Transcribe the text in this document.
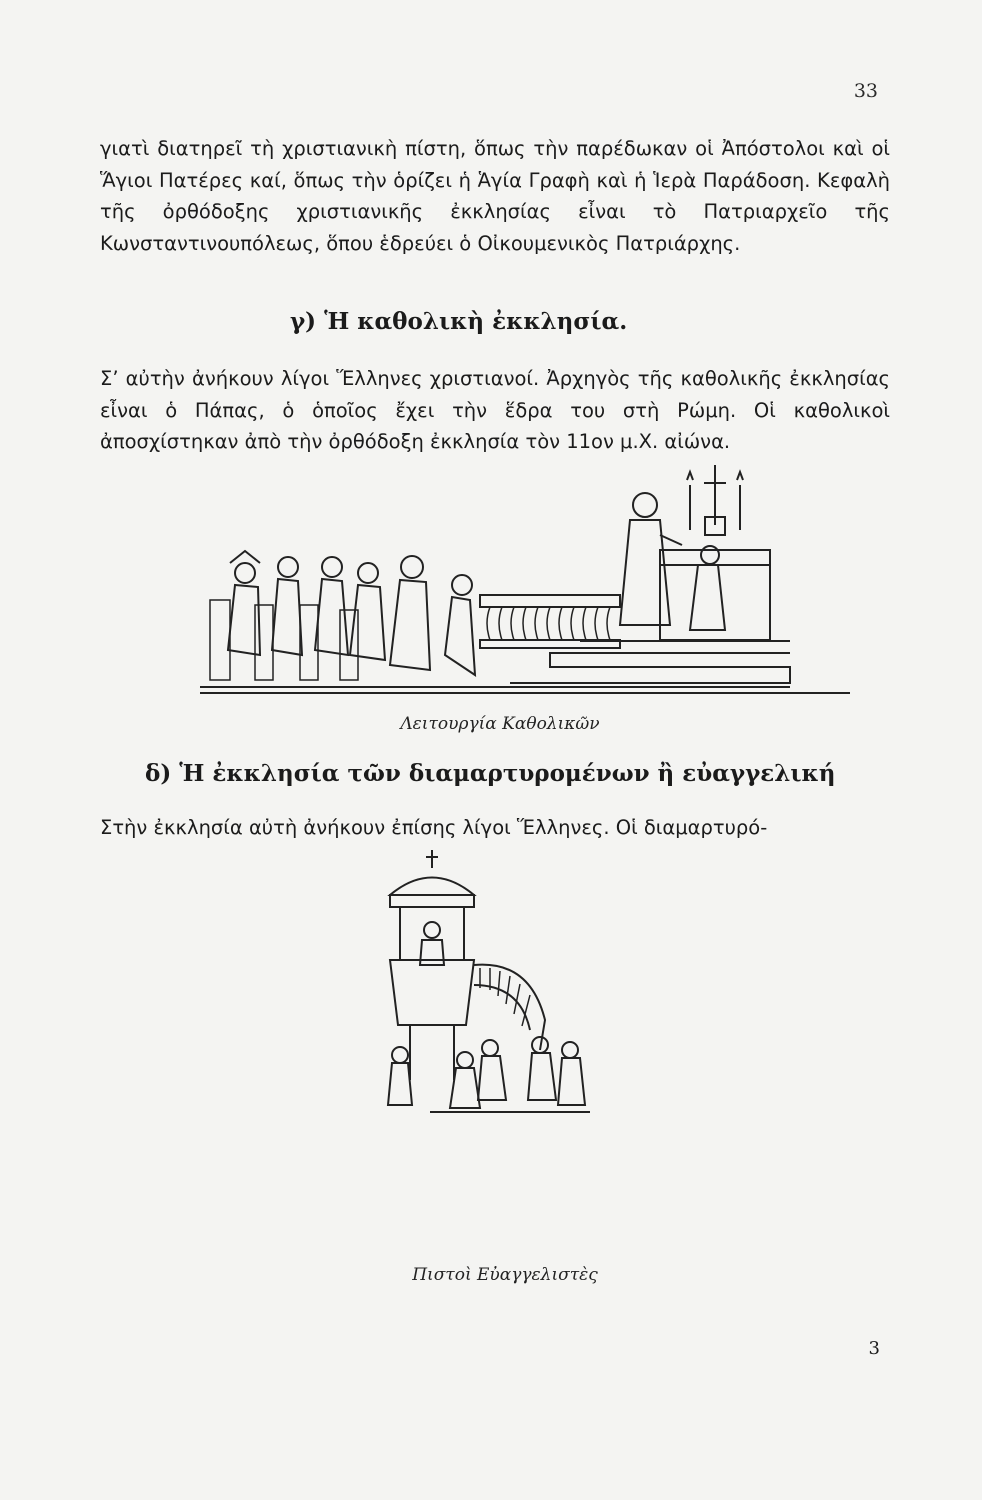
33

γιατὶ διατηρεῖ τὴ χριστιανικὴ πίστη, ὅπως τὴν παρέδωκαν οἱ Ἀπόστολοι καὶ οἱ Ἅγιοι Πατέρες καί, ὅπως τὴν ὁρίζει ἡ Ἁγία Γραφὴ καὶ ἡ Ἱερὰ Παράδοση. Κεφαλὴ τῆς ὀρθόδοξης χριστιανικῆς ἐκκλησίας εἶναι τὸ Πατριαρχεῖο τῆς Κωνσταντινουπόλεως, ὅπου ἑδρεύει ὁ Οἰκουμενικὸς Πατριάρχης.

γ) Ἡ καθολικὴ ἐκκλησία.

Σ’ αὐτὴν ἀνήκουν λίγοι Ἕλληνες χριστιανοί. Ἀρχηγὸς τῆς καθολικῆς ἐκκλησίας εἶναι ὁ Πάπας, ὁ ὁποῖος ἔχει τὴν ἕδρα του στὴ Ρώμη. Οἱ καθολικοὶ ἀποσχίστηκαν ἀπὸ τὴν ὀρθόδοξη ἐκκλησία τὸν 11ον μ.Χ. αἰώνα.

Λειτουργία Καθολικῶν
δ) Ἡ ἐκκλησία τῶν διαμαρτυρομένων ἢ εὐαγγελική

Στὴν ἐκκλησία αὐτὴ ἀνήκουν ἐπίσης λίγοι Ἕλληνες. Οἱ διαμαρτυρό-

Πιστοὶ Εὐαγγελιστὲς
3
